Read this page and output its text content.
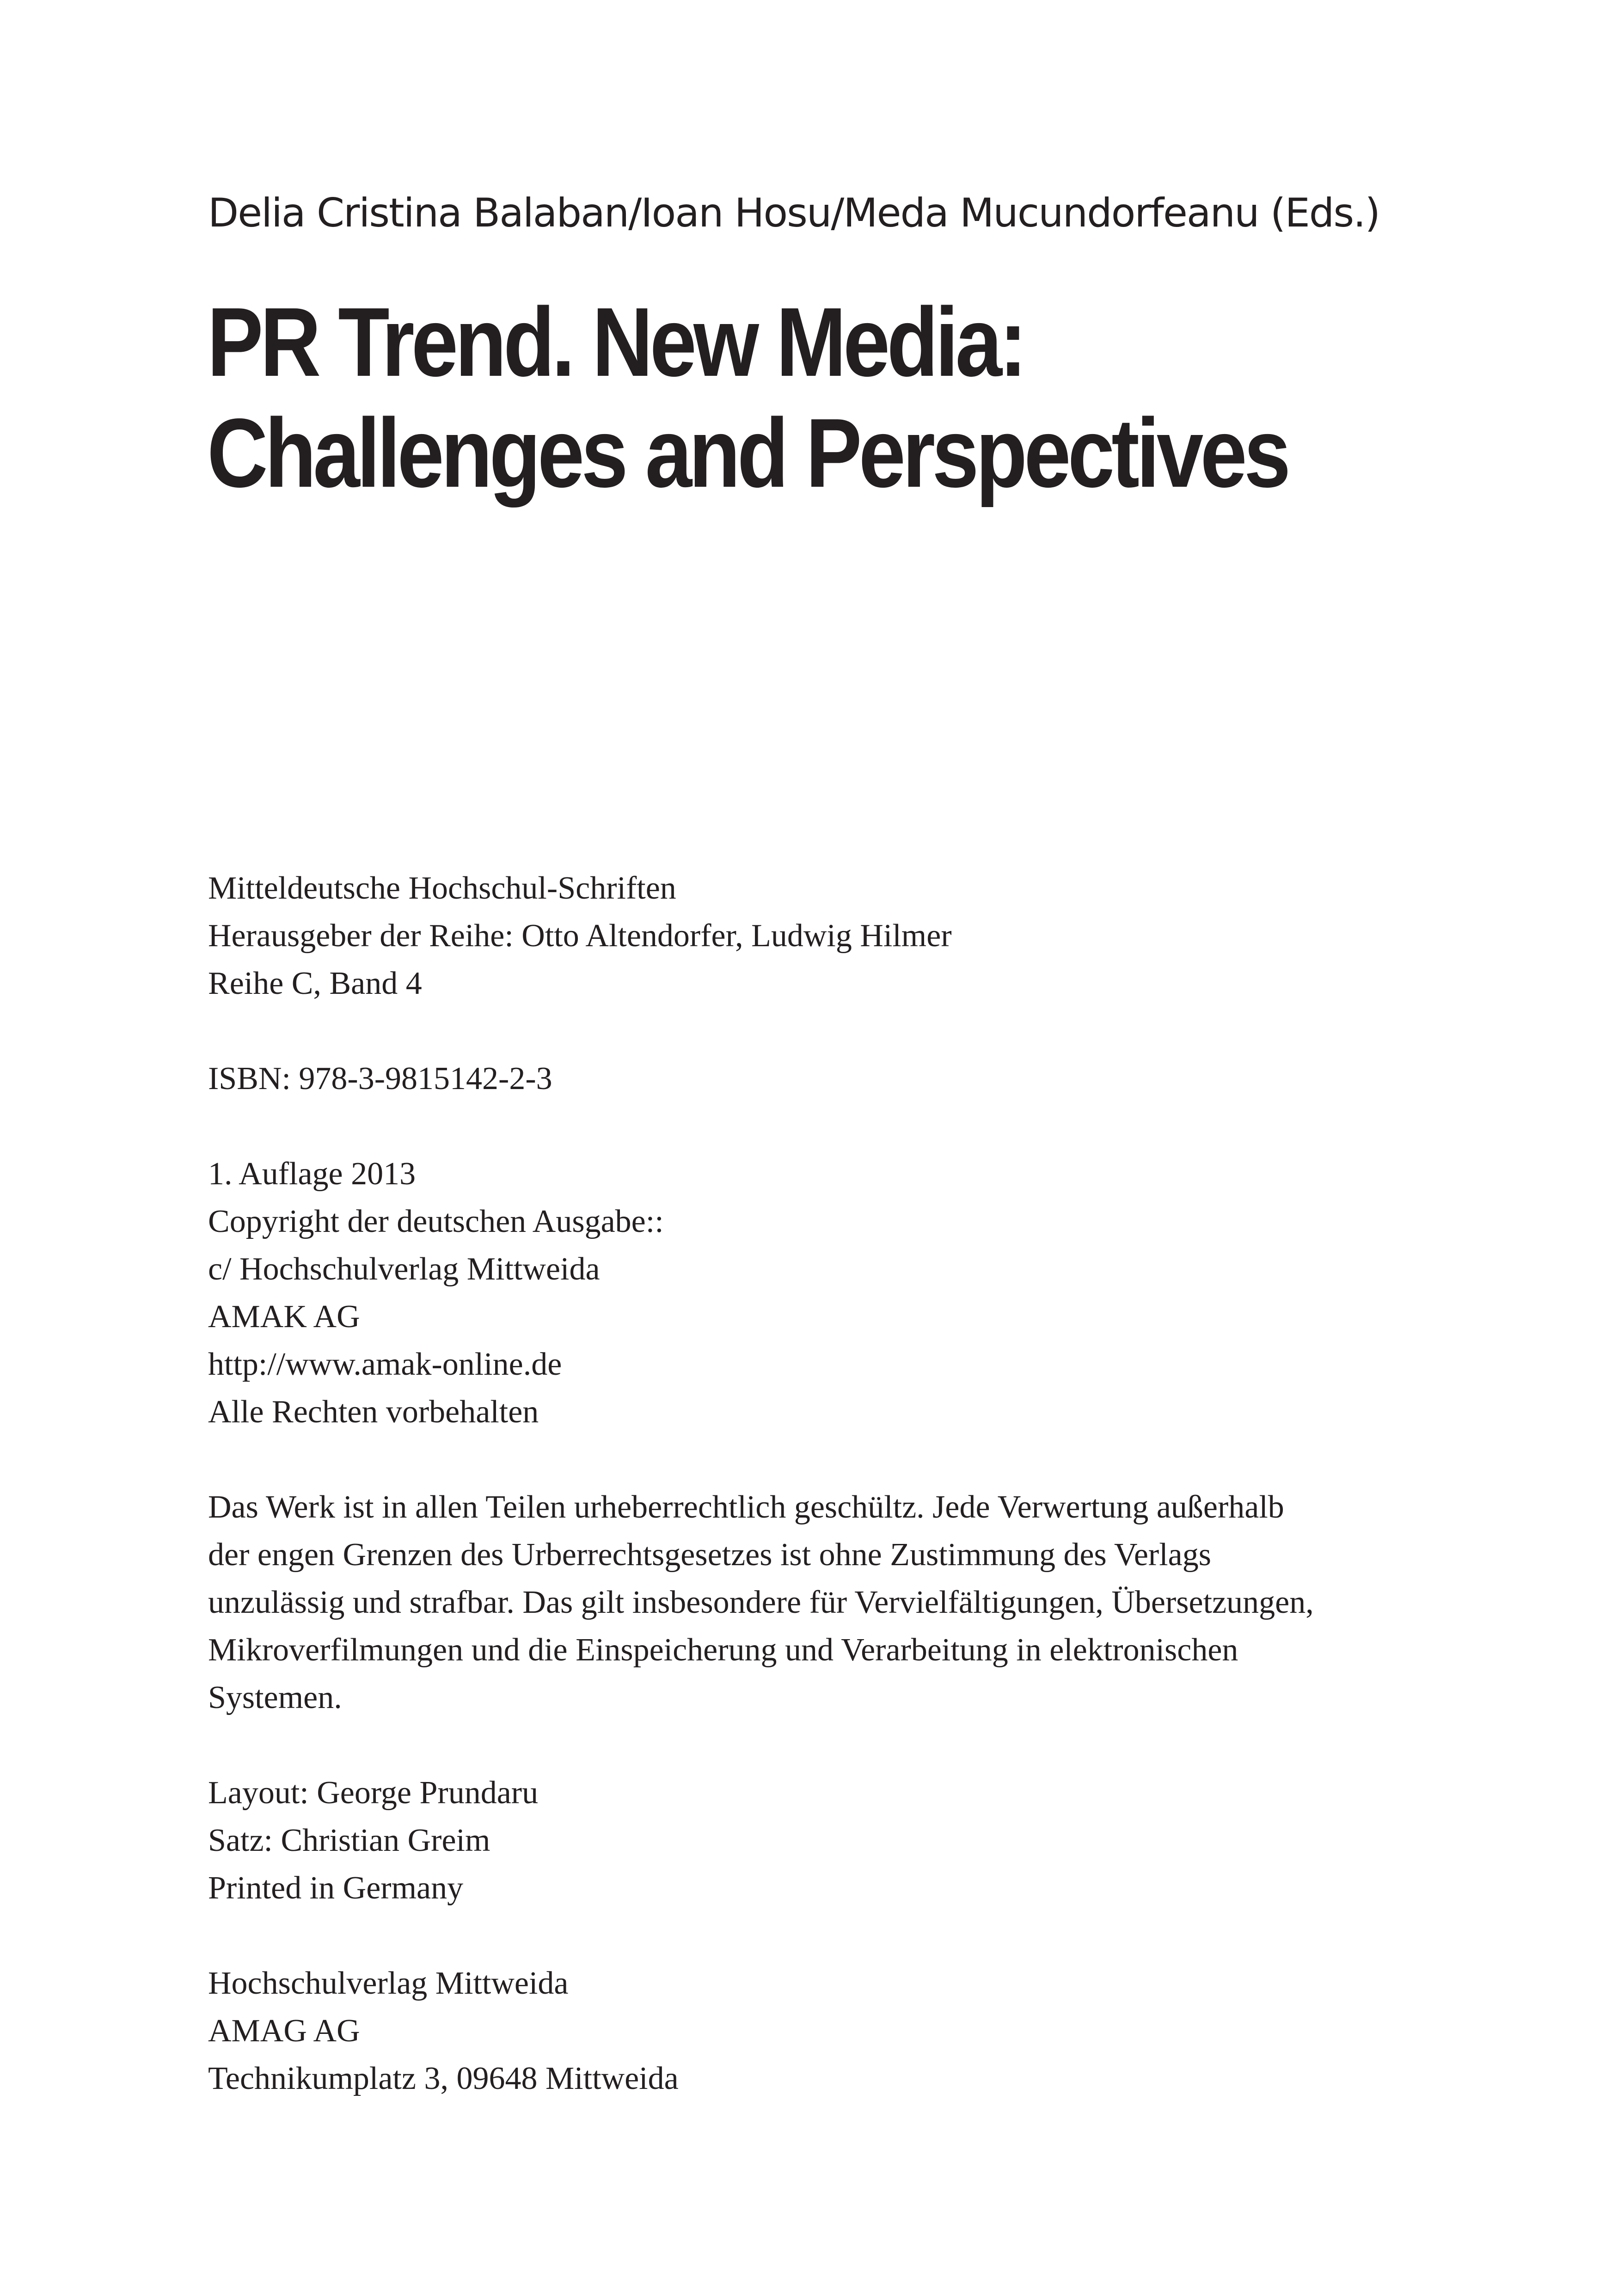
Delia Cristina Balaban/Ioan Hosu/Meda Mucundorfeanu (Eds.)
PR Trend. New Media:
Challenges and Perspectives
Mitteldeutsche Hochschul-Schriften
Herausgeber der Reihe: Otto Altendorfer, Ludwig Hilmer
Reihe C, Band 4
ISBN: 978-3-9815142-2-3
1. Auflage 2013
Copyright der deutschen Ausgabe::
c/ Hochschulverlag Mittweida
AMAK AG
http://www.amak-online.de
Alle Rechten vorbehalten
Das Werk ist in allen Teilen urheberrechtlich geschültz. Jede Verwertung außerhalb
der engen Grenzen des Urberrechtsgesetzes ist ohne Zustimmung des Verlags
unzulässig und strafbar. Das gilt insbesondere für Vervielfältigungen, Übersetzungen,
Mikroverfilmungen und die Einspeicherung und Verarbeitung in elektronischen
Systemen.
Layout: George Prundaru
Satz: Christian Greim
Printed in Germany
Hochschulverlag Mittweida
AMAG AG
Technikumplatz 3, 09648 Mittweida
